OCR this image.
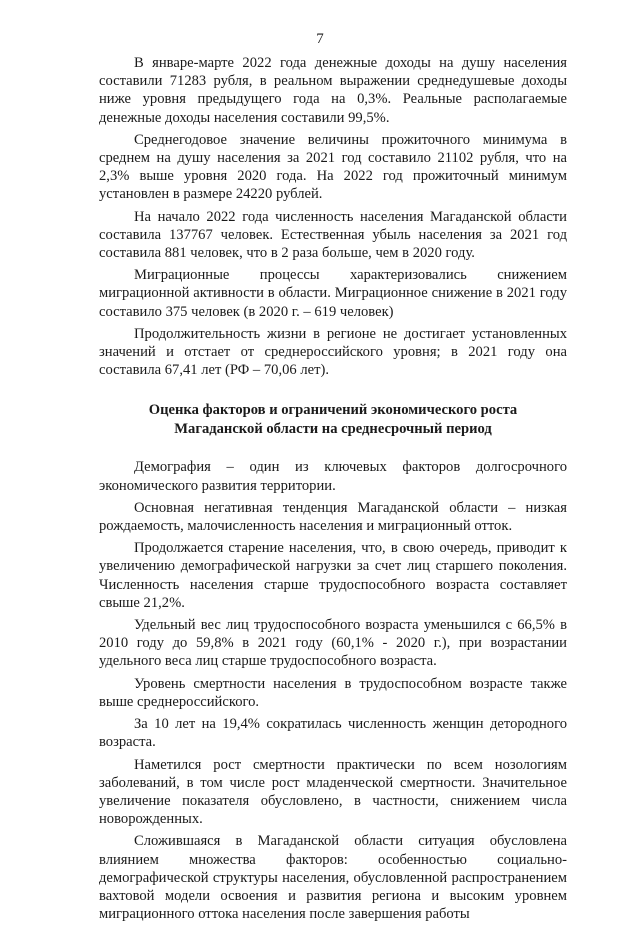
7

В январе-марте 2022 года денежные доходы на душу населения составили 71283 рубля, в реальном выражении среднедушевые доходы ниже уровня предыдущего года на 0,3%. Реальные располагаемые денежные доходы населения составили 99,5%.

Среднегодовое значение величины прожиточного минимума в среднем на душу населения за 2021 год составило 21102 рубля, что на 2,3% выше уровня 2020 года. На 2022 год прожиточный минимум установлен в размере 24220 рублей.

На начало 2022 года численность населения Магаданской области составила 137767 человек. Естественная убыль населения за 2021 год составила 881 человек, что в 2 раза больше, чем в 2020 году.

Миграционные процессы характеризовались снижением миграционной активности в области. Миграционное снижение в 2021 году составило 375 человек (в 2020 г. – 619 человек)

Продолжительность жизни в регионе не достигает установленных значений и отстает от среднероссийского уровня; в 2021 году она составила 67,41 лет (РФ – 70,06 лет).

Оценка факторов и ограничений экономического роста
Магаданской области на среднесрочный период

Демография – один из ключевых факторов долгосрочного экономического развития территории.

Основная негативная тенденция Магаданской области – низкая рождаемость, малочисленность населения и миграционный отток.

Продолжается старение населения, что, в свою очередь, приводит к увеличению демографической нагрузки за счет лиц старшего поколения. Численность населения старше трудоспособного возраста составляет свыше 21,2%.

Удельный вес лиц трудоспособного возраста уменьшился с 66,5% в 2010 году до 59,8% в 2021 году (60,1% - 2020 г.), при возрастании удельного веса лиц старше трудоспособного возраста.

Уровень смертности населения в трудоспособном возрасте также выше среднероссийского.

За 10 лет на 19,4% сократилась численность женщин детородного возраста.

Наметился рост смертности практически по всем нозологиям заболеваний, в том числе рост младенческой смертности. Значительное увеличение показателя обусловлено, в частности, снижением числа новорожденных.

Сложившаяся в Магаданской области ситуация обусловлена влиянием множества факторов: особенностью социально-демографической структуры населения, обусловленной распространением вахтовой модели освоения и развития региона и высоким уровнем миграционного оттока населения после завершения работы
